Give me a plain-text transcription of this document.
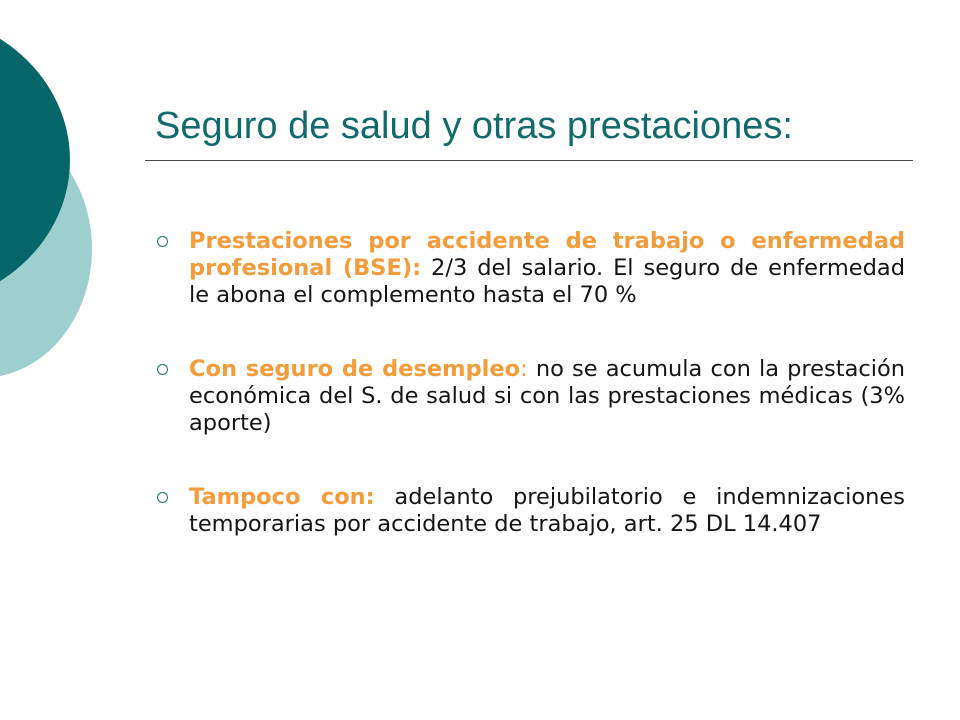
Seguro de salud y otras prestaciones:
Prestaciones por accidente de trabajo o enfermedad profesional (BSE): 2/3 del salario. El seguro de enfermedad le abona el complemento hasta el 70 %
Con seguro de desempleo: no se acumula con la prestación económica del S. de salud si con las prestaciones médicas (3% aporte)
Tampoco con: adelanto prejubilatorio e indemnizaciones temporarias por accidente de trabajo, art. 25 DL 14.407
